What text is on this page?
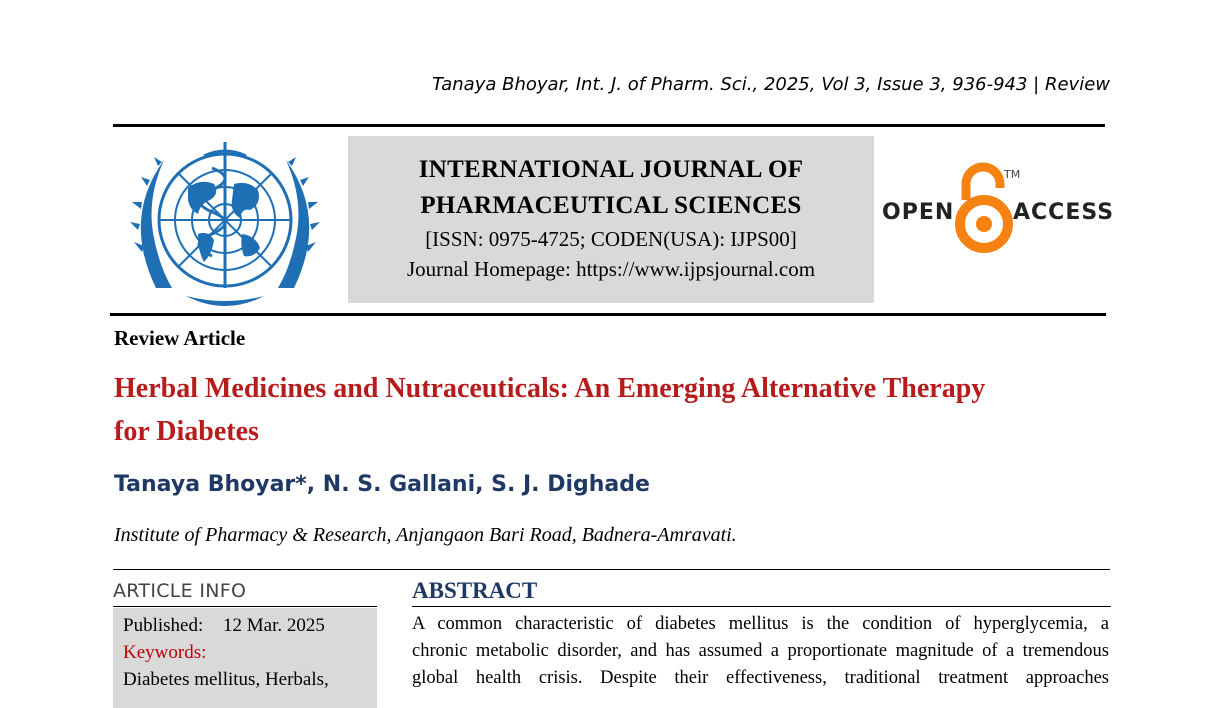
Tanaya Bhoyar, Int. J. of Pharm. Sci., 2025, Vol 3, Issue 3, 936-943 | Review
INTERNATIONAL JOURNAL OF
PHARMACEUTICAL SCIENCES
[ISSN: 0975-4725; CODEN(USA): IJPS00]
Journal Homepage: https://www.ijpsjournal.com
OPEN
TM
ACCESS
Review Article
Herbal Medicines and Nutraceuticals: An Emerging Alternative Therapy for Diabetes
Tanaya Bhoyar*, N. S. Gallani, S. J. Dighade
Institute of Pharmacy & Research, Anjangaon Bari Road, Badnera-Amravati.
ARTICLE INFO
Published: 12 Mar. 2025
Keywords:
Diabetes mellitus, Herbals,
ABSTRACT
A common characteristic of diabetes mellitus is the condition of hyperglycemia, a
chronic metabolic disorder, and has assumed a proportionate magnitude of a tremendous
global health crisis. Despite their effectiveness, traditional treatment approaches
